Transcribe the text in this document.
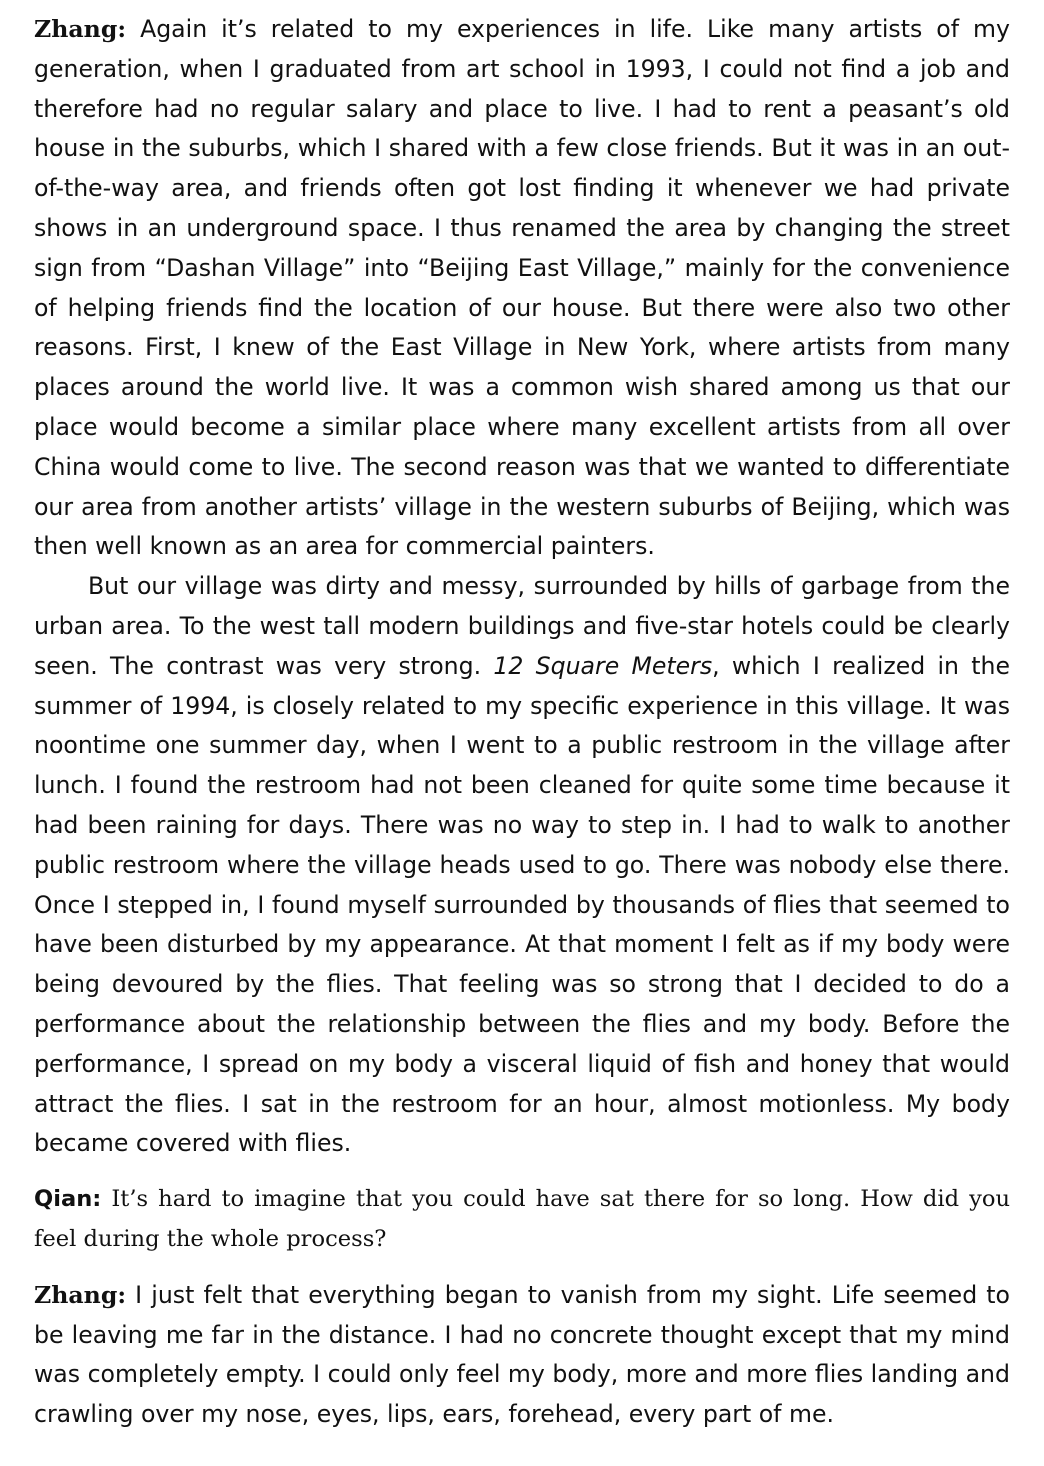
Zhang: Again it’s related to my experiences in life. Like many artists of my generation, when I graduated from art school in 1993, I could not find a job and therefore had no regular salary and place to live. I had to rent a peasant’s old house in the suburbs, which I shared with a few close friends. But it was in an out-of-the-way area, and friends often got lost finding it whenever we had private shows in an underground space. I thus renamed the area by changing the street sign from “Dashan Village” into “Beijing East Village,” mainly for the convenience of helping friends find the location of our house. But there were also two other reasons. First, I knew of the East Village in New York, where artists from many places around the world live. It was a common wish shared among us that our place would become a similar place where many excellent artists from all over China would come to live. The second reason was that we wanted to differentiate our area from another artists’ village in the western suburbs of Beijing, which was then well known as an area for commercial painters.

But our village was dirty and messy, surrounded by hills of garbage from the urban area. To the west tall modern buildings and five-star hotels could be clearly seen. The contrast was very strong. 12 Square Meters, which I realized in the summer of 1994, is closely related to my specific experience in this village. It was noontime one summer day, when I went to a public restroom in the village after lunch. I found the restroom had not been cleaned for quite some time because it had been raining for days. There was no way to step in. I had to walk to another public restroom where the village heads used to go. There was nobody else there. Once I stepped in, I found myself surrounded by thousands of flies that seemed to have been disturbed by my appearance. At that moment I felt as if my body were being devoured by the flies. That feeling was so strong that I decided to do a performance about the relationship between the flies and my body. Before the performance, I spread on my body a visceral liquid of fish and honey that would attract the flies. I sat in the restroom for an hour, almost motionless. My body became covered with flies.

Qian: It’s hard to imagine that you could have sat there for so long. How did you feel during the whole process?

Zhang: I just felt that everything began to vanish from my sight. Life seemed to be leaving me far in the distance. I had no concrete thought except that my mind was completely empty. I could only feel my body, more and more flies landing and crawling over my nose, eyes, lips, ears, forehead, every part of me.
